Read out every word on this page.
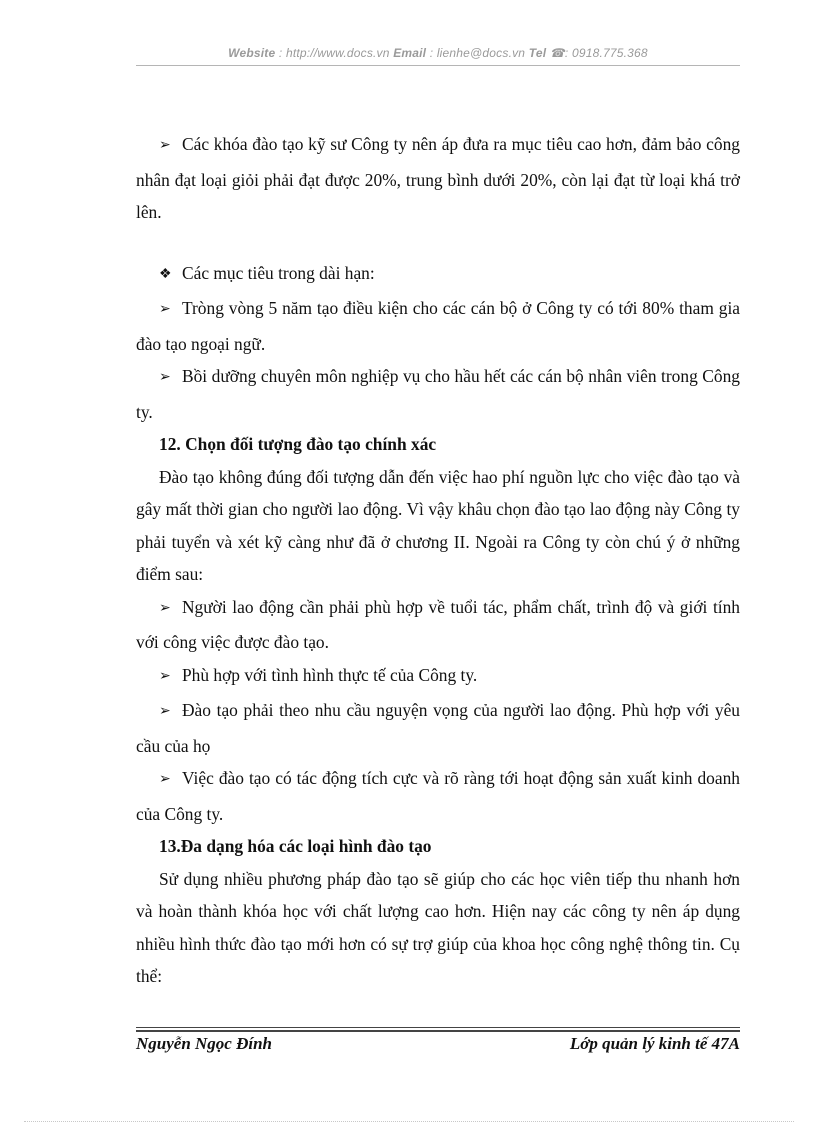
Website : http://www.docs.vn Email : lienhe@docs.vn Tel ☎: 0918.775.368

➢ Các khóa đào tạo kỹ sư Công ty nên áp đưa ra mục tiêu cao hơn, đảm bảo công nhân đạt loại giỏi phải đạt được 20%, trung bình dưới 20%, còn lại đạt từ loại khá trở lên.

❖ Các mục tiêu trong dài hạn:

➢ Tròng vòng 5 năm tạo điều kiện cho các cán bộ ở Công ty có tới 80% tham gia đào tạo ngoại ngữ.

➢ Bồi dưỡng chuyên môn nghiệp vụ cho hầu hết các cán bộ nhân viên trong Công ty.

12. Chọn đối tượng đào tạo chính xác

Đào tạo không đúng đối tượng dẫn đến việc hao phí nguồn lực cho việc đào tạo và gây mất thời gian cho người lao động. Vì vậy khâu chọn đào tạo lao động này Công ty phải tuyển và xét kỹ càng như đã ở chương II. Ngoài ra Công ty còn chú ý ở những điểm sau:

➢ Người lao động cần phải phù hợp về tuổi tác, phẩm chất, trình độ và giới tính với công việc được đào tạo.

➢ Phù hợp với tình hình thực tế của Công ty.

➢ Đào tạo phải theo nhu cầu nguyện vọng của người lao động. Phù hợp với yêu cầu của họ

➢ Việc đào tạo có tác động tích cực và rõ ràng tới hoạt động sản xuất kinh doanh của Công ty.

13.Đa dạng hóa các loại hình đào tạo

Sử dụng nhiều phương pháp đào tạo sẽ giúp cho các học viên tiếp thu nhanh hơn và hoàn thành khóa học với chất lượng cao hơn. Hiện nay các công ty nên áp dụng nhiều hình thức đào tạo mới hơn có sự trợ giúp của khoa học công nghệ thông tin. Cụ thể:

Nguyễn Ngọc Đính	Lớp quản lý kinh tế 47A
